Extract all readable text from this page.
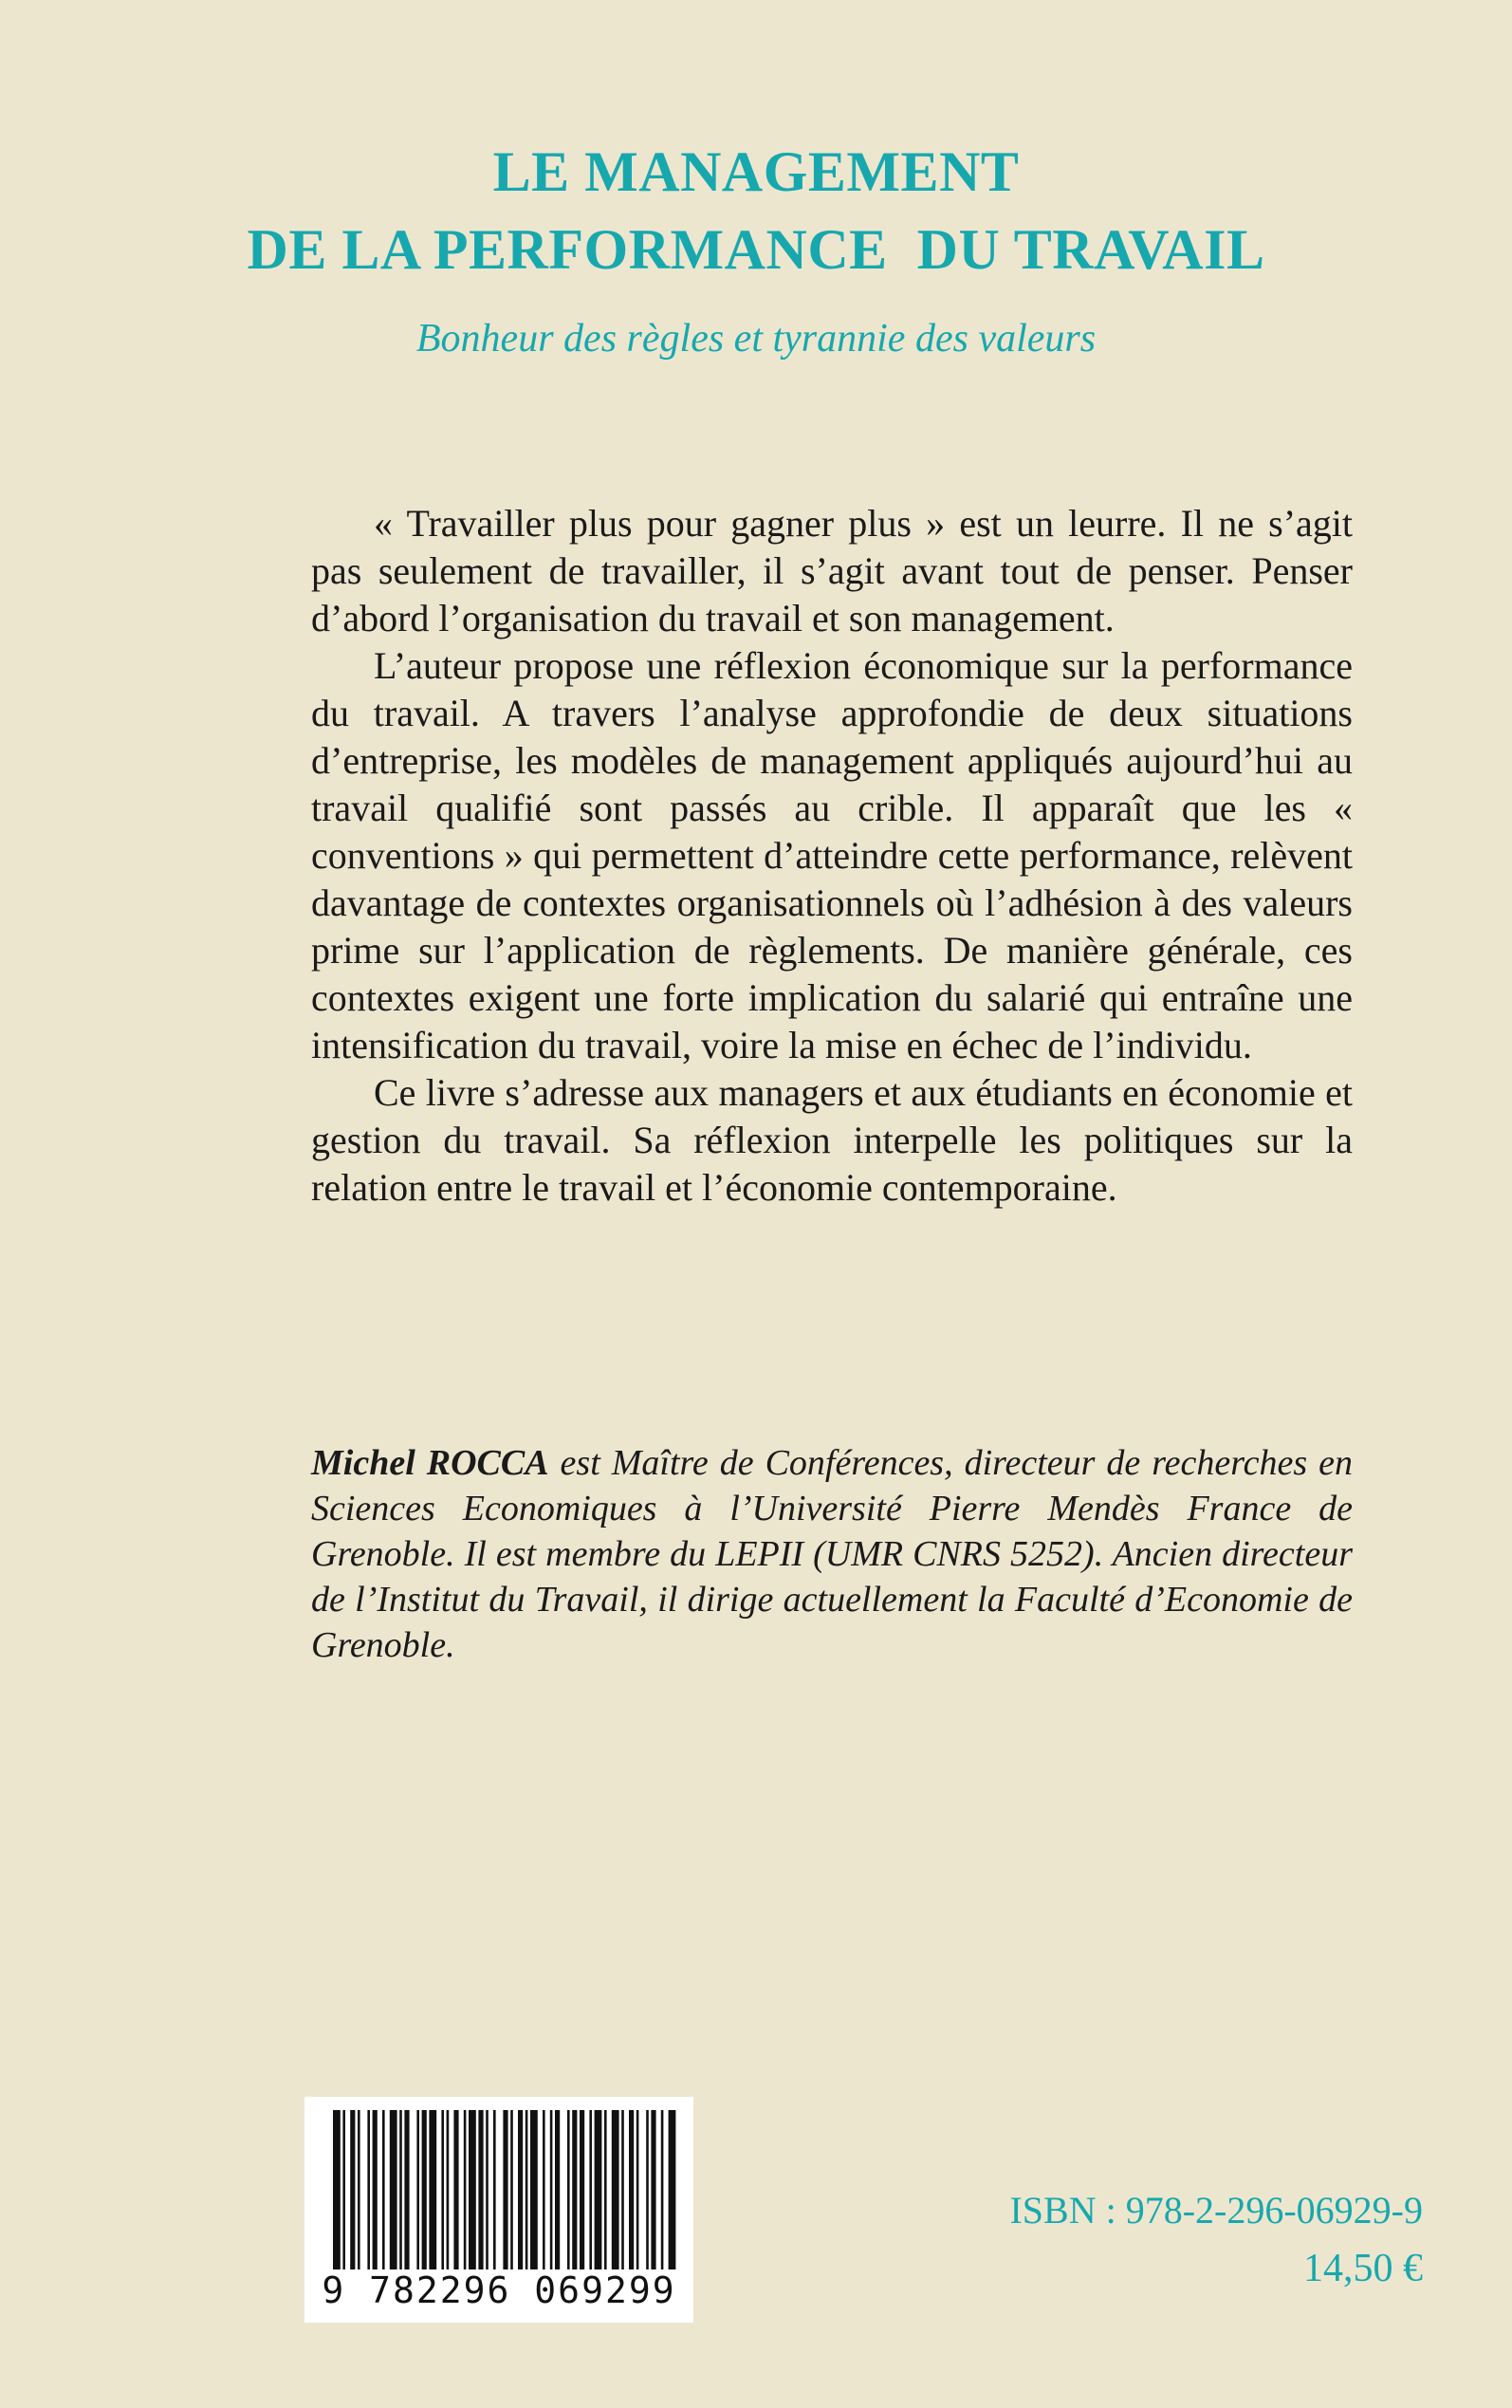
LE MANAGEMENT
DE LA PERFORMANCE  DU TRAVAIL
Bonheur des règles et tyrannie des valeurs

« Travailler plus pour gagner plus » est un leurre. Il ne s’agit pas seulement de travailler, il s’agit avant tout de penser. Penser d’abord l’organisation du travail et son management.

L’auteur propose une réflexion économique sur la performance du travail. A travers l’analyse approfondie de deux situations d’entreprise, les modèles de management appliqués aujourd’hui au travail qualifié sont passés au crible. Il apparaît que les « conventions » qui permettent d’atteindre cette performance, relèvent davantage de contextes organisationnels où l’adhésion à des valeurs prime sur l’application de règlements. De manière générale, ces contextes exigent une forte implication du salarié qui entraîne une intensification du travail, voire la mise en échec de l’individu.

Ce livre s’adresse aux managers et aux étudiants en économie et gestion du travail. Sa réflexion interpelle les politiques sur la relation entre le travail et l’économie contemporaine.

Michel ROCCA est Maître de Conférences, directeur de recherches en Sciences Economiques à l’Université Pierre Mendès France de Grenoble. Il est membre du LEPII (UMR CNRS 5252). Ancien directeur de l’Institut du Travail, il dirige actuellement la Faculté d’Economie de Grenoble.
9 782296 069299
ISBN : 978-2-296-06929-9
14,50 €
